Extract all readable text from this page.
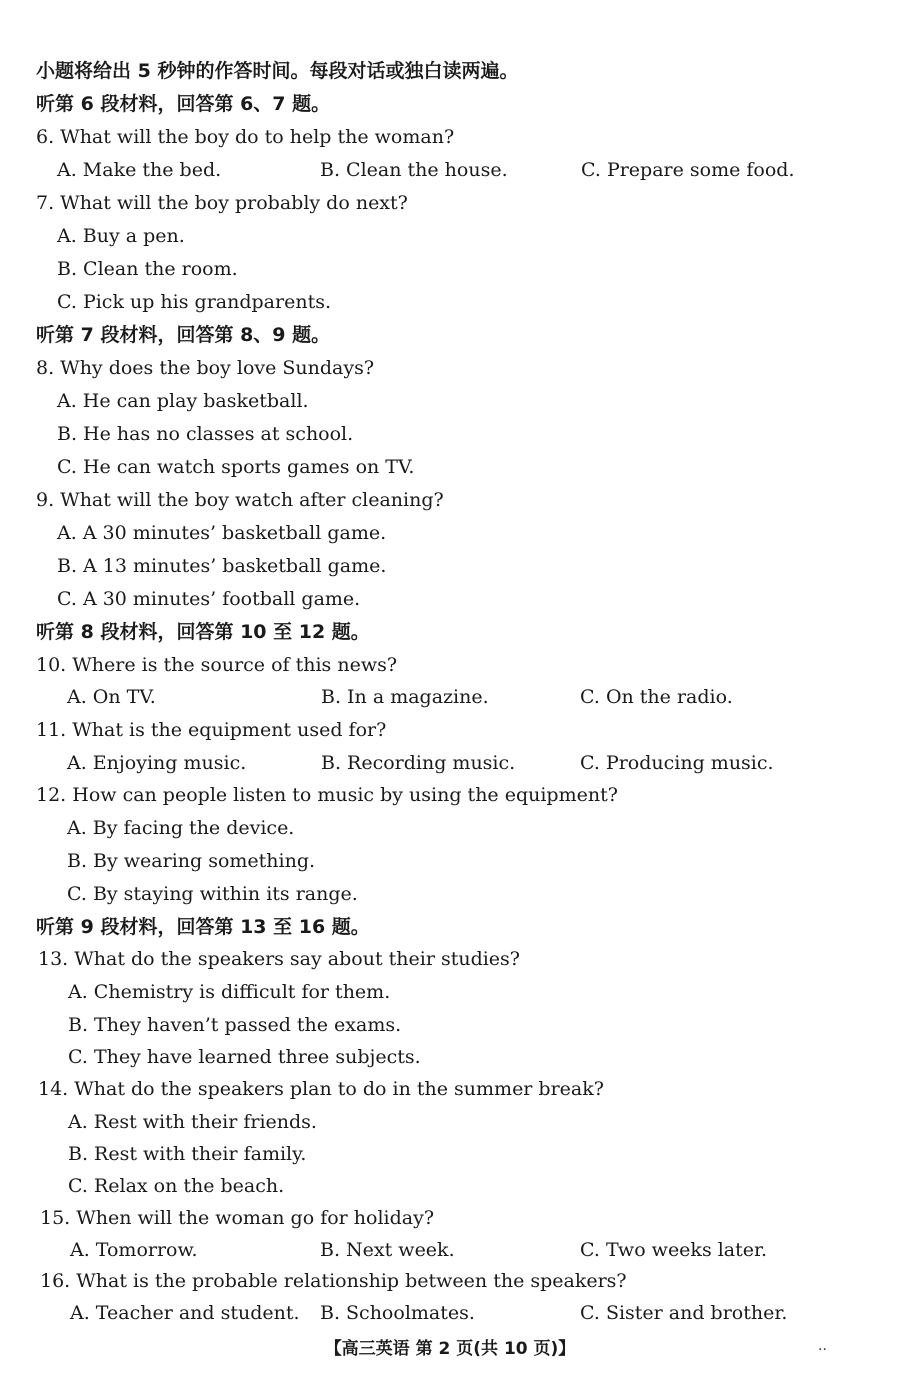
小题将给出 5 秒钟的作答时间。每段对话或独白读两遍。
听第 6 段材料，回答第 6、7 题。
6. What will the boy do to help the woman?
A. Make the bed.	B. Clean the house.	C. Prepare some food.
7. What will the boy probably do next?
A. Buy a pen.
B. Clean the room.
C. Pick up his grandparents.
听第 7 段材料，回答第 8、9 题。
8. Why does the boy love Sundays?
A. He can play basketball.
B. He has no classes at school.
C. He can watch sports games on TV.
9. What will the boy watch after cleaning?
A. A 30 minutes’ basketball game.
B. A 13 minutes’ basketball game.
C. A 30 minutes’ football game.
听第 8 段材料，回答第 10 至 12 题。
10. Where is the source of this news?
A. On TV.	B. In a magazine.	C. On the radio.
11. What is the equipment used for?
A. Enjoying music.	B. Recording music.	C. Producing music.
12. How can people listen to music by using the equipment?
A. By facing the device.
B. By wearing something.
C. By staying within its range.
听第 9 段材料，回答第 13 至 16 题。
13. What do the speakers say about their studies?
A. Chemistry is difficult for them.
B. They haven’t passed the exams.
C. They have learned three subjects.
14. What do the speakers plan to do in the summer break?
A. Rest with their friends.
B. Rest with their family.
C. Relax on the beach.
15. When will the woman go for holiday?
A. Tomorrow.	B. Next week.	C. Two weeks later.
16. What is the probable relationship between the speakers?
A. Teacher and student. B. Schoolmates.	C. Sister and brother.
【高三英语 第 2 页(共 10 页)】	..
